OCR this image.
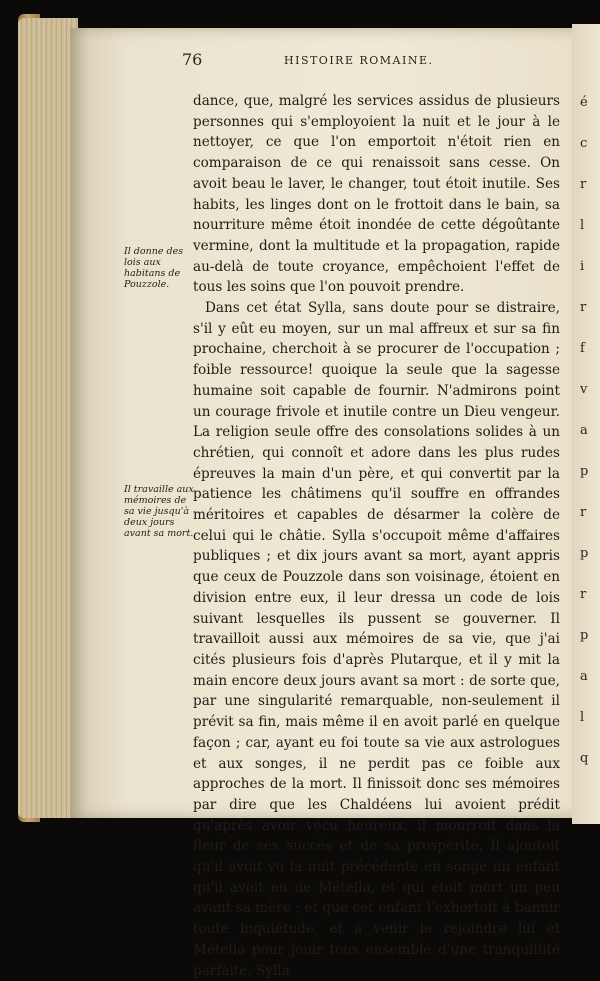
é
c
r
l
i
r
f
v
a
p
r
p
r
p
a
l
q
76	HISTOIRE ROMAINE.
Il donne des lois aux habitans de Pouzzole.
Il travaille aux mémoires de sa vie jusqu'à deux jours avant sa mort.

dance, que, malgré les services assidus de plusieurs personnes qui s'employoient la nuit et le jour à le nettoyer, ce que l'on emportoit n'étoit rien en comparaison de ce qui renaissoit sans cesse. On avoit beau le laver, le changer, tout étoit inutile. Ses habits, les linges dont on le frottoit dans le bain, sa nourriture même étoit inondée de cette dégoûtante vermine, dont la multitude et la propagation, rapide au-delà de toute croyance, empêchoient l'effet de tous les soins que l'on pouvoit prendre.

Dans cet état Sylla, sans doute pour se distraire, s'il y eût eu moyen, sur un mal affreux et sur sa fin prochaine, cherchoit à se procurer de l'occupation ; foible ressource! quoique la seule que la sagesse humaine soit capable de fournir. N'admirons point un courage frivole et inutile contre un Dieu vengeur. La religion seule offre des consolations solides à un chrétien, qui connoît et adore dans les plus rudes épreuves la main d'un père, et qui convertit par la patience les châtimens qu'il souffre en offrandes méritoires et capables de désarmer la colère de celui qui le châtie. Sylla s'occupoit même d'affaires publiques ; et dix jours avant sa mort, ayant appris que ceux de Pouzzole dans son voisinage, étoient en division entre eux, il leur dressa un code de lois suivant lesquelles ils pussent se gouverner. Il travailloit aussi aux mémoires de sa vie, que j'ai cités plusieurs fois d'après Plutarque, et il y mit la main encore deux jours avant sa mort : de sorte que, par une singularité remarquable, non-seulement il prévit sa fin, mais même il en avoit parlé en quelque façon ; car, ayant eu foi toute sa vie aux astrologues et aux songes, il ne perdit pas ce foible aux approches de la mort. Il finissoit donc ses mémoires par dire que les Chaldéens lui avoient prédit qu'après avoir vécu heureux, il mourroit dans la fleur de ses succès et de sa prospérité. Il ajoutoit qu'il avoit vu la nuit précédente en songe un enfant qu'il avoit eu de Métella, et qui étoit mort un peu avant sa mère ; et que cet enfant l'exhortoit à bannir toute inquiétude, et à venir le rejoindre lui et Métella pour jouir tous ensemble d'une tranquillité parfaite. Sylla
